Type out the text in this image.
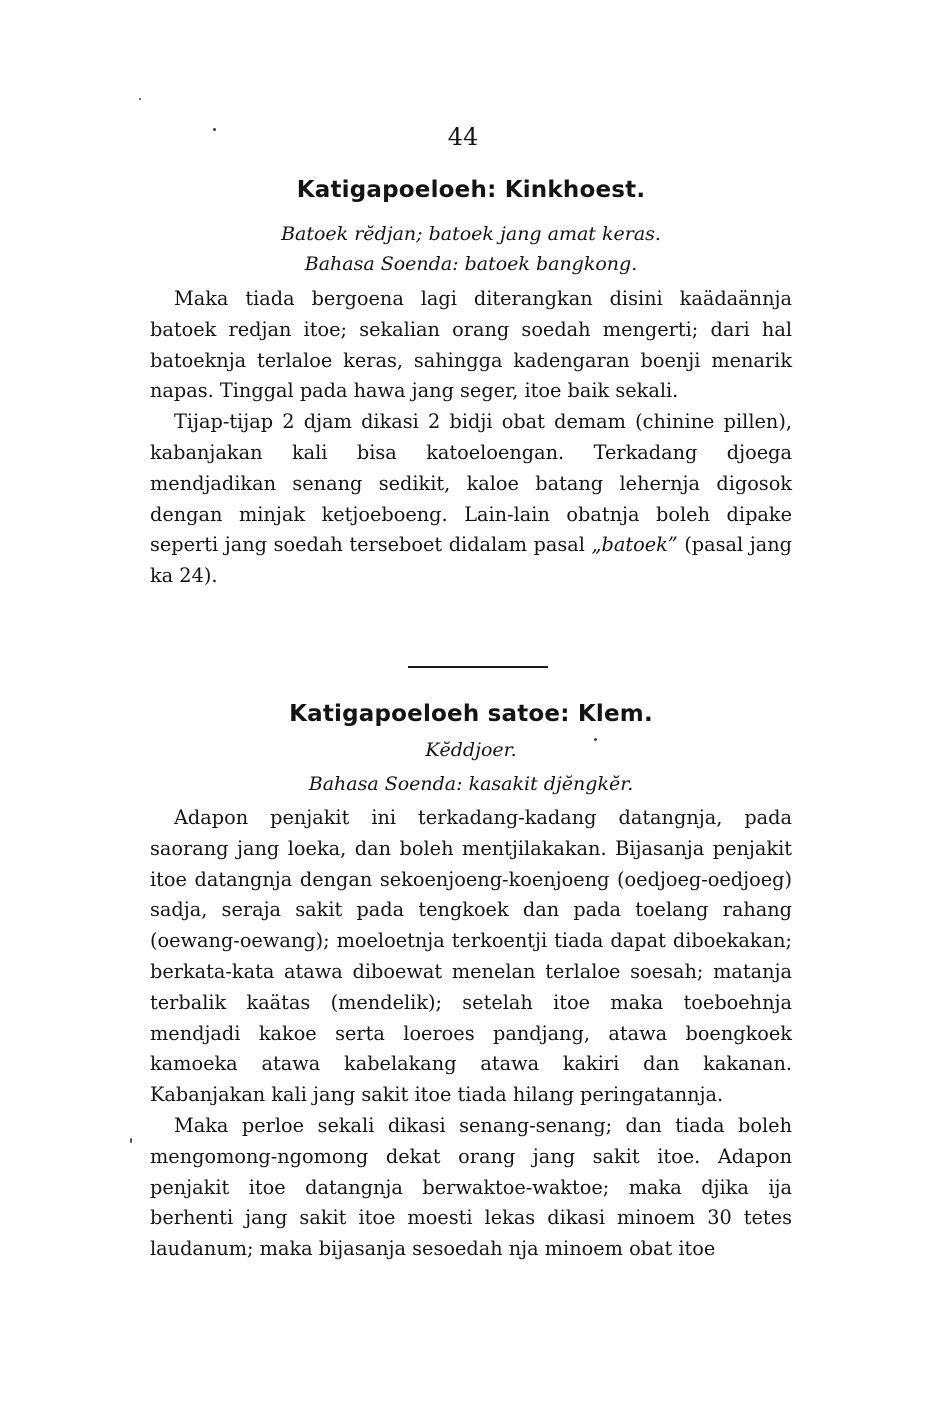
44
Katigapoeloeh: Kinkhoest.

Batoek rĕdjan; batoek jang amat keras.

Bahasa Soenda: batoek bangkong.

Maka tiada bergoena lagi diterangkan disini kaädaännja batoek redjan itoe; sekalian orang soedah mengerti; dari hal batoeknja terlaloe keras, sahingga kadengaran boenji menarik napas. Tinggal pada hawa jang seger, itoe baik sekali.

Tijap-tijap 2 djam dikasi 2 bidji obat demam (chinine pillen), kabanjakan kali bisa katoeloengan. Terkadang djoega mendjadikan senang sedikit, kaloe batang lehernja digosok dengan minjak ketjoeboeng. Lain-lain obatnja boleh dipake seperti jang soedah terseboet didalam pasal „batoek” (pasal jang ka 24).

Katigapoeloeh satoe: Klem.

Kĕddjoer.

Bahasa Soenda: kasakit djĕngkĕr.

Adapon penjakit ini terkadang-kadang datangnja, pada saorang jang loeka, dan boleh mentjilakakan. Bijasanja penjakit itoe datangnja dengan sekoenjoeng-koenjoeng (oedjoeg-oedjoeg) sadja, seraja sakit pada tengkoek dan pada toelang rahang (oewang-oewang); moeloetnja terkoentji tiada dapat diboekakan; berkata-kata atawa diboewat menelan terlaloe soesah; matanja terbalik kaätas (mendelik); setelah itoe maka toeboehnja mendjadi kakoe serta loeroes pandjang, atawa boengkoek kamoeka atawa kabelakang atawa kakiri dan kakanan. Kabanjakan kali jang sakit itoe tiada hilang peringatannja.

Maka perloe sekali dikasi senang-senang; dan tiada boleh mengomong-ngomong dekat orang jang sakit itoe. Adapon penjakit itoe datangnja berwaktoe-waktoe; maka djika ija berhenti jang sakit itoe moesti lekas dikasi minoem 30 tetes laudanum; maka bijasanja sesoedah nja minoem obat itoe
